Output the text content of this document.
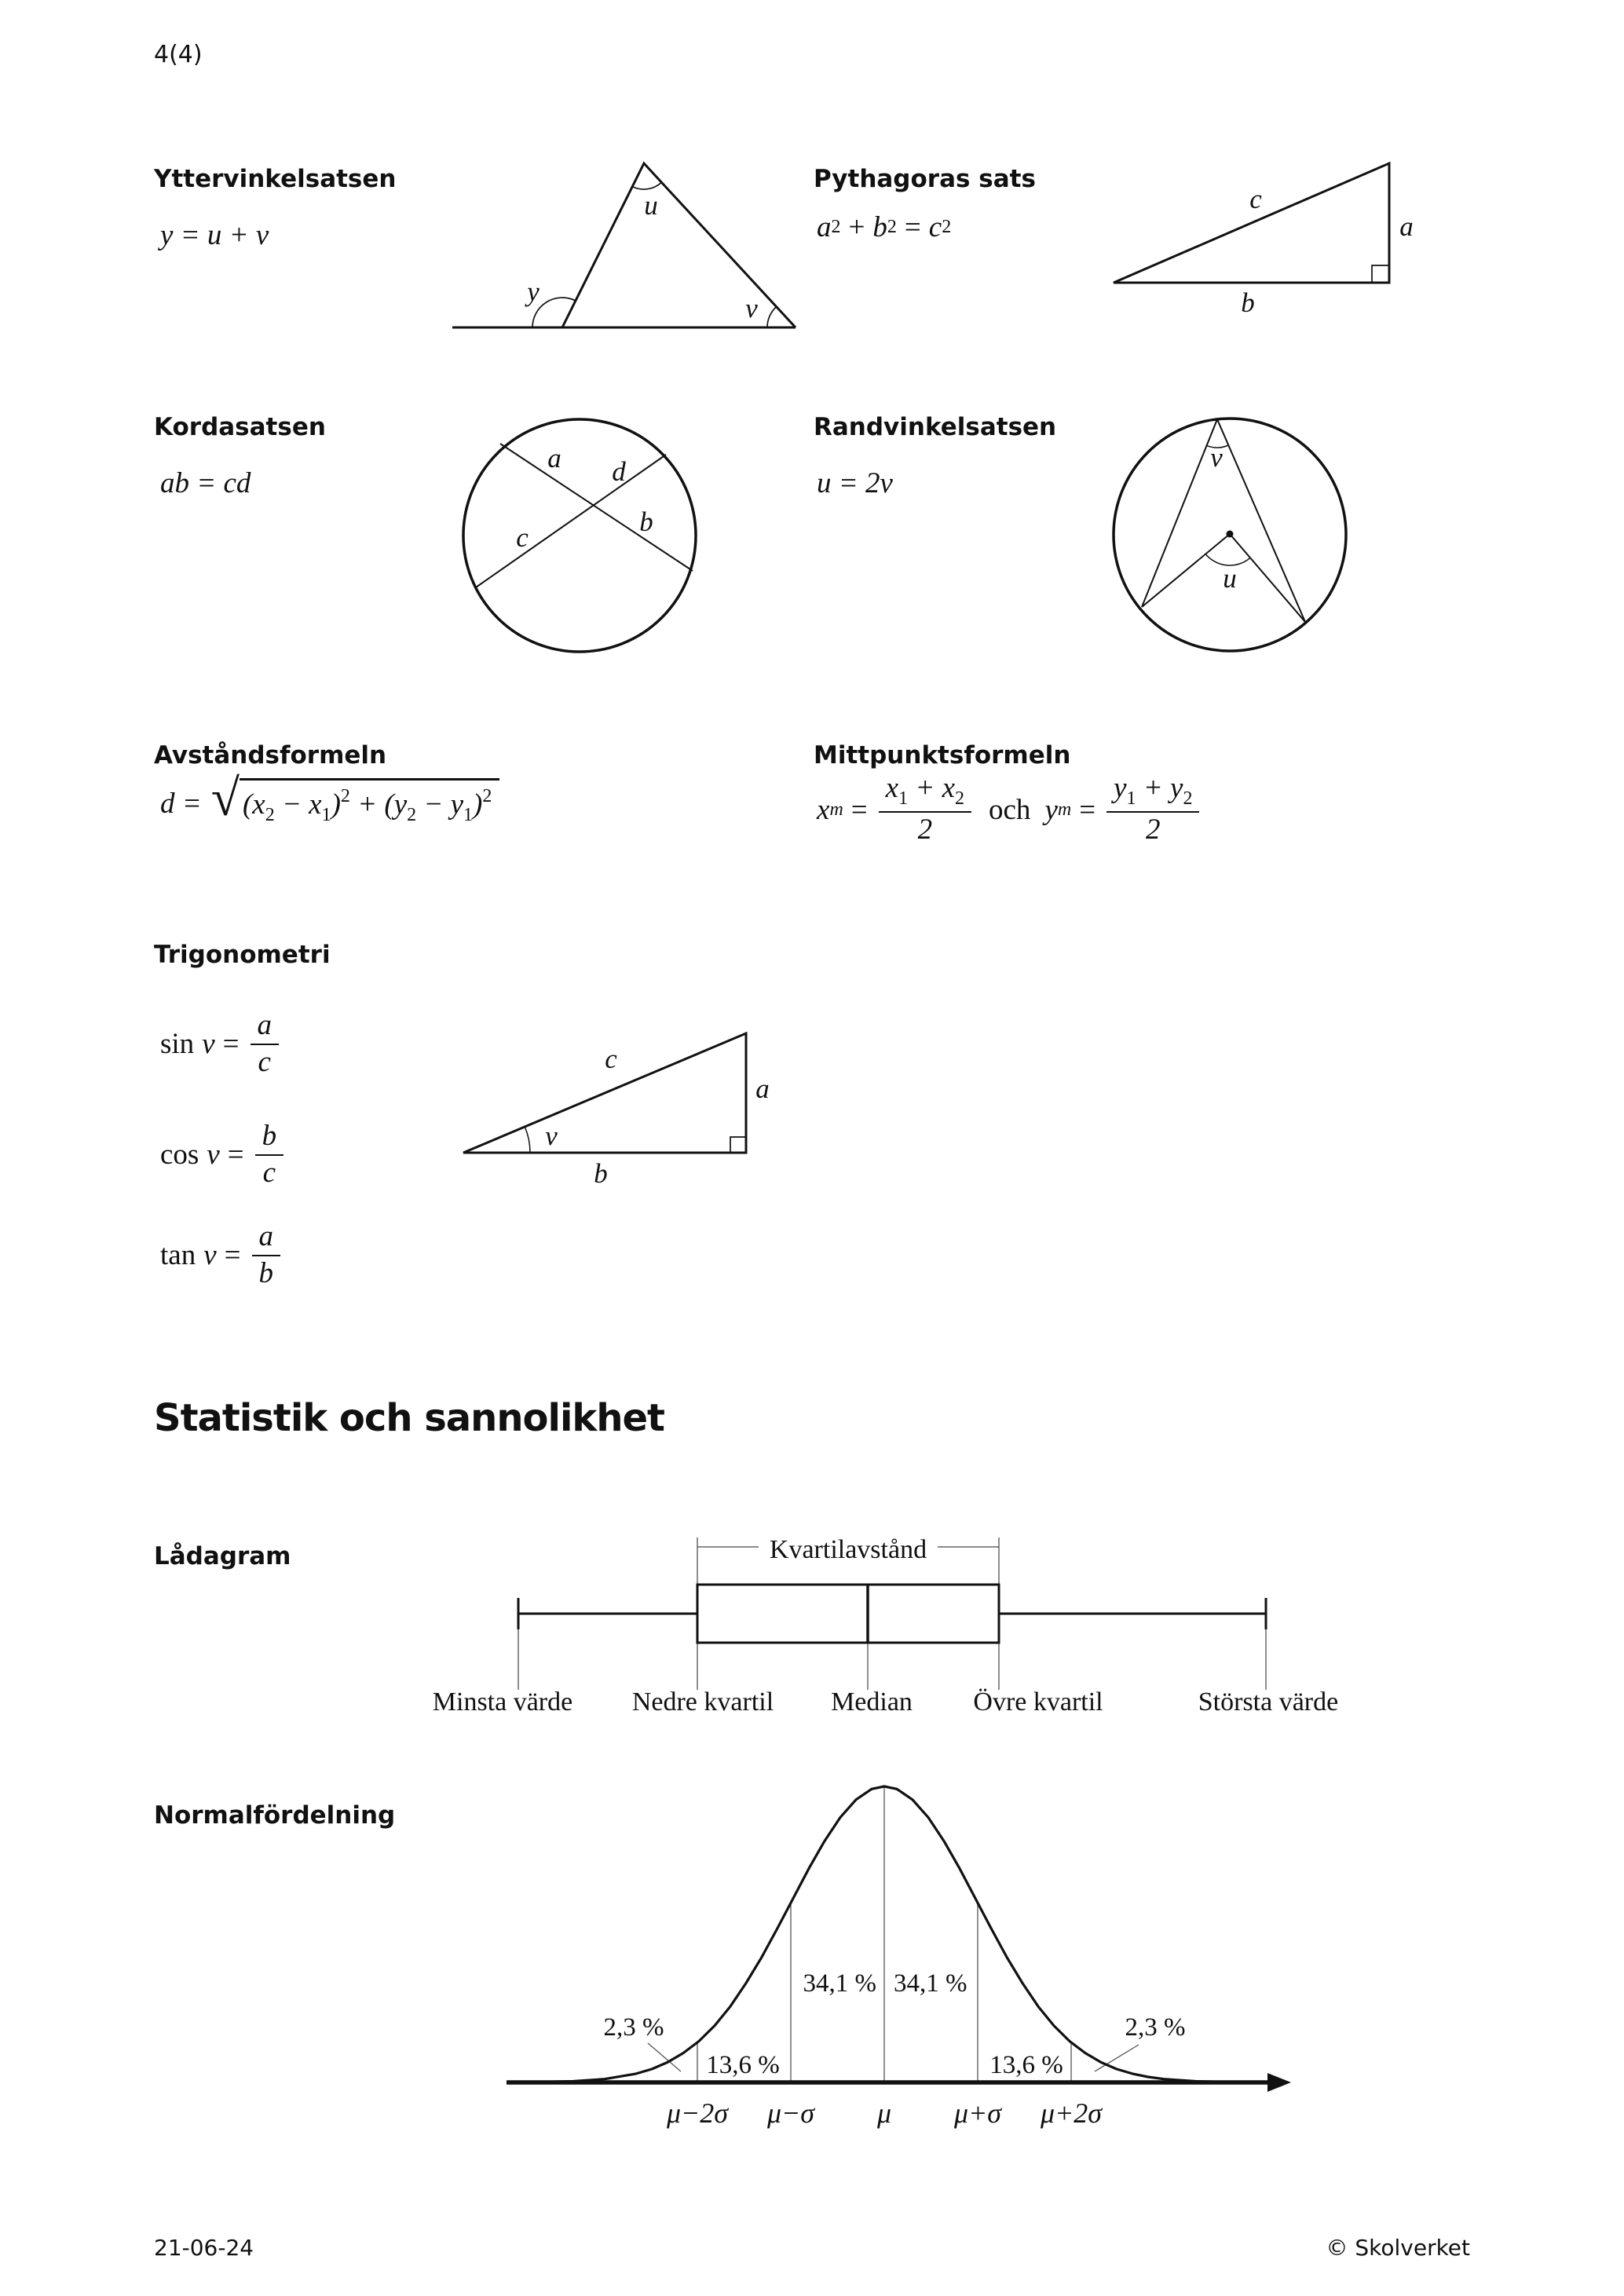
4(4)
Yttervinkelsatsen
y = u + v
u
y
v
Pythagoras sats
a 2 + b 2 = c 2
c
a
b
Kordasatsen
ab = cd
a d
c
b
Randvinkelsatsen
u = 2v
v
u
Avståndsformeln
d = √ $(x_2 - x_1)^2 + (y_2 - y_1)^2$
Mittpunktsformeln
x $m = \frac{x_1 + x_2}{2}$ och y $m = \frac{y_1 + y_2}{2}$
Trigonometri
$\sin v = \frac{a}{c}$
$\cos v = \frac{b}{c}$
$\tan v = \frac{a}{b}$
v
c
a
b
Statistik och sannolikhet
Lådagram	Kvartilavstånd
Minsta värde Nedre kvartil Median Övre kvartil	Största värde
Normalfördelning
34,1 % 34,1 %
13,6 %	13,6 %
2,3 %	2,3 %
μ−2σ μ−σ μ μ+σ μ+2σ
21-06-24	© Skolverket
